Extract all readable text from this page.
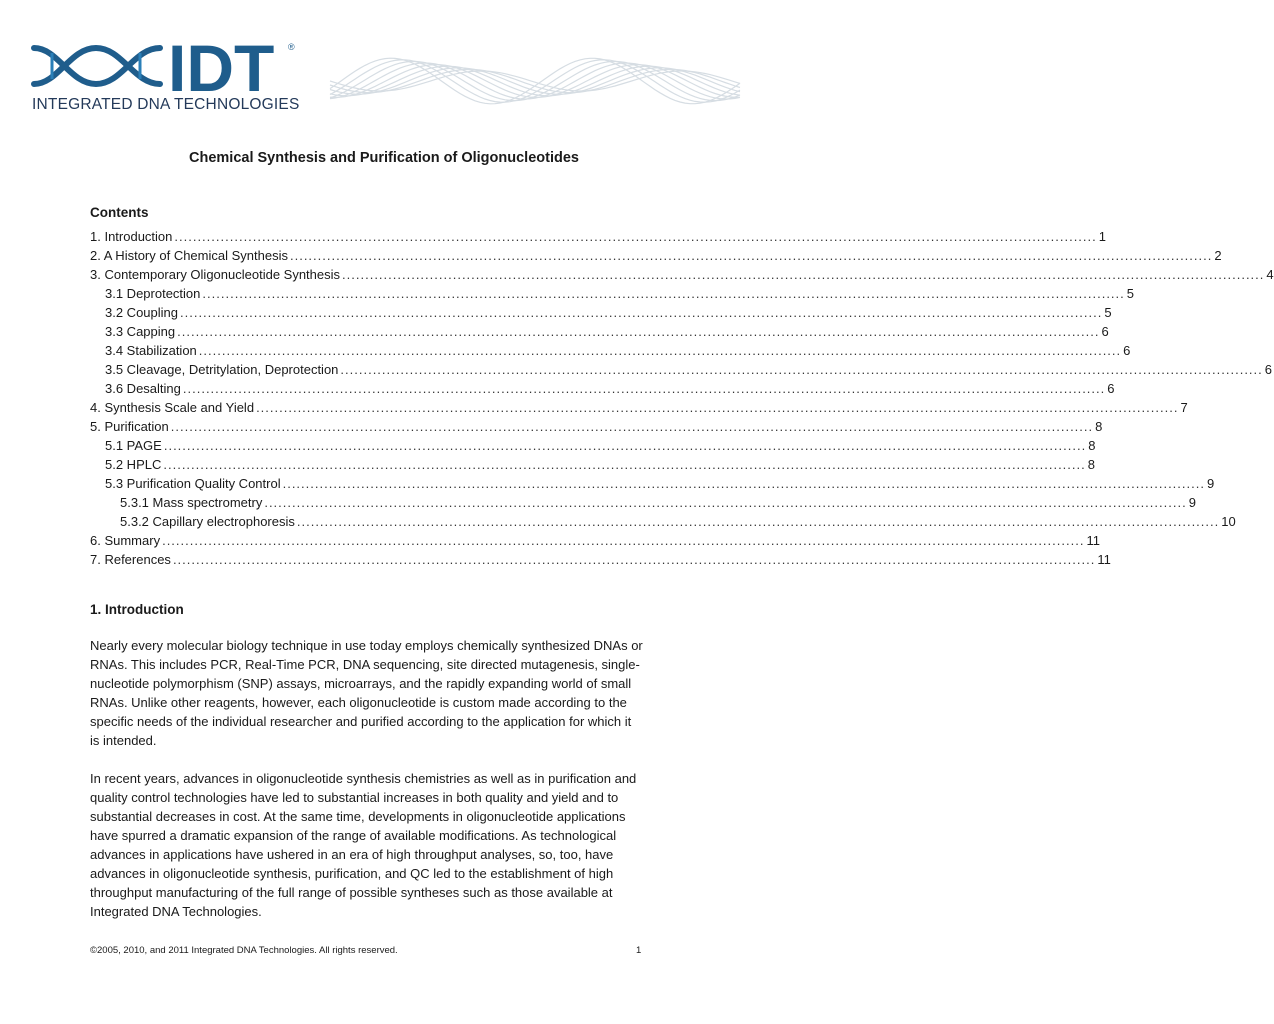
IDT ®
INTEGRATED DNA TECHNOLOGIES
Chemical Synthesis and Purification of Oligonucleotides
Contents
1. Introduction ........................................................................................................................................................................................................ 1
2. A History of Chemical Synthesis ........................................................................................................................................................................................................ 2
3. Contemporary Oligonucleotide Synthesis ........................................................................................................................................................................................................ 4
3.1 Deprotection ........................................................................................................................................................................................................ 5
3.2 Coupling ........................................................................................................................................................................................................ 5
3.3 Capping ........................................................................................................................................................................................................ 6
3.4 Stabilization ........................................................................................................................................................................................................ 6
3.5 Cleavage, Detritylation, Deprotection ........................................................................................................................................................................................................ 6
3.6 Desalting ........................................................................................................................................................................................................ 6
4. Synthesis Scale and Yield ........................................................................................................................................................................................................ 7
5. Purification ........................................................................................................................................................................................................ 8
5.1 PAGE ........................................................................................................................................................................................................ 8
5.2 HPLC ........................................................................................................................................................................................................ 8
5.3 Purification Quality Control ........................................................................................................................................................................................................ 9
5.3.1 Mass spectrometry ........................................................................................................................................................................................................ 9
5.3.2 Capillary electrophoresis ........................................................................................................................................................................................................ 10
6. Summary ........................................................................................................................................................................................................ 11
7. References ........................................................................................................................................................................................................ 11
1. Introduction

Nearly every molecular biology technique in use today employs chemically synthesized DNAs or
RNAs. This includes PCR, Real-Time PCR, DNA sequencing, site directed mutagenesis, single-
nucleotide polymorphism (SNP) assays, microarrays, and the rapidly expanding world of small
RNAs. Unlike other reagents, however, each oligonucleotide is custom made according to the
specific needs of the individual researcher and purified according to the application for which it
is intended.

In recent years, advances in oligonucleotide synthesis chemistries as well as in purification and
quality control technologies have led to substantial increases in both quality and yield and to
substantial decreases in cost. At the same time, developments in oligonucleotide applications
have spurred a dramatic expansion of the range of available modifications. As technological
advances in applications have ushered in an era of high throughput analyses, so, too, have
advances in oligonucleotide synthesis, purification, and QC led to the establishment of high
throughput manufacturing of the full range of possible syntheses such as those available at
Integrated DNA Technologies.

©2005, 2010, and 2011 Integrated DNA Technologies. All rights reserved.	1
